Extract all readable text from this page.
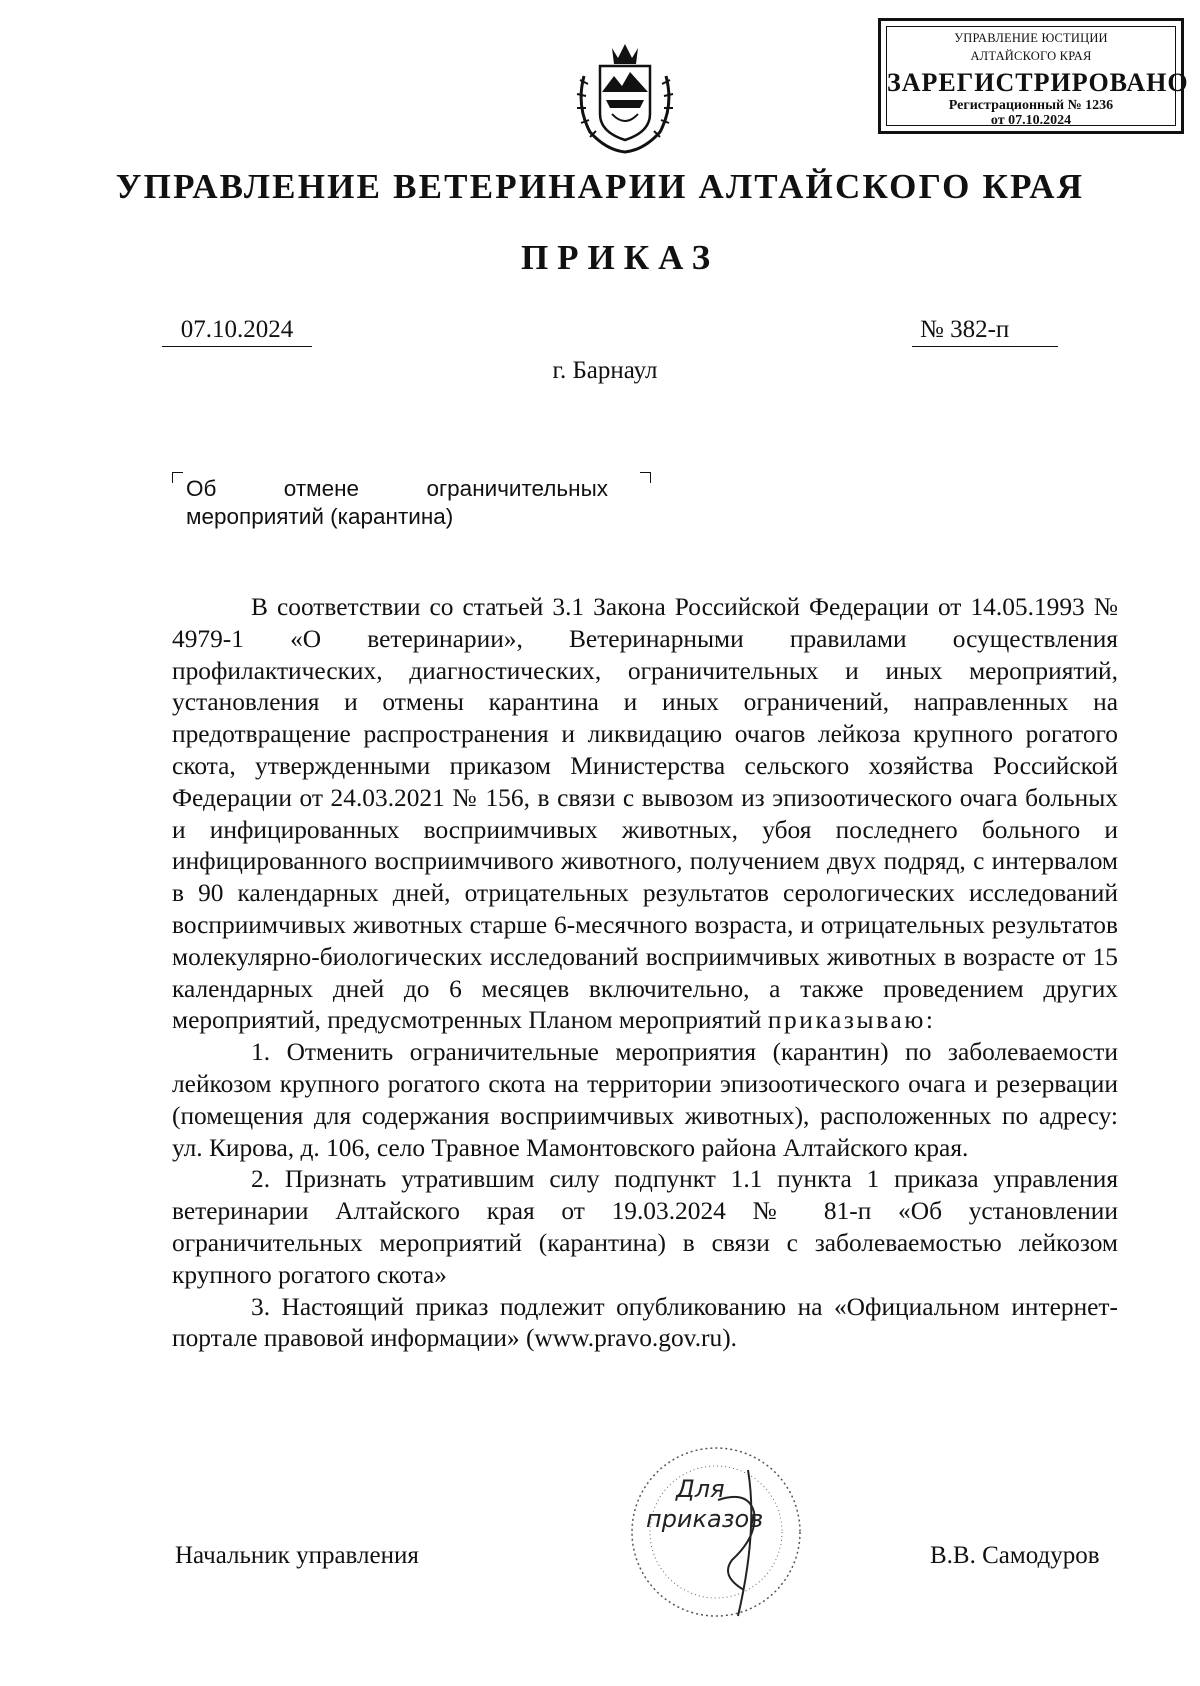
УПРАВЛЕНИЕ ЮСТИЦИИ
АЛТАЙСКОГО КРАЯ
ЗАРЕГИСТРИРОВАНО
Регистрационный № 1236
от 07.10.2024
УПРАВЛЕНИЕ ВЕТЕРИНАРИИ АЛТАЙСКОГО КРАЯ
ПРИКАЗ
07.10.2024	№ 382-п
г. Барнаул
Об отмене ограничительных
мероприятий (карантина)

В соответствии со статьей 3.1 Закона Российской Федерации от 14.05.1993 № 4979-1 «О ветеринарии», Ветеринарными правилами осуществления профилактических, диагностических, ограничительных и иных мероприятий, установления и отмены карантина и иных ограничений, направленных на предотвращение распространения и ликвидацию очагов лейкоза крупного рогатого скота, утвержденными приказом Министерства сельского хозяйства Российской Федерации от 24.03.2021 № 156, в связи с вывозом из эпизоотического очага больных и инфицированных восприимчивых животных, убоя последнего больного и инфицированного восприимчивого животного, получением двух подряд, с интервалом в 90 календарных дней, отрицательных результатов серологических исследований восприимчивых животных старше 6-месячного возраста, и отрицательных результатов молекулярно-биологических исследований восприимчивых животных в возрасте от 15 календарных дней до 6 месяцев включительно, а также проведением других мероприятий, предусмотренных Планом мероприятий приказываю:

1. Отменить ограничительные мероприятия (карантин) по заболеваемости лейкозом крупного рогатого скота на территории эпизоотического очага и резервации (помещения для содержания восприимчивых животных), расположенных по адресу: ул. Кирова, д. 106, село Травное Мамонтовского района Алтайского края.

2. Признать утратившим силу подпункт 1.1 пункта 1 приказа управления ветеринарии Алтайского края от 19.03.2024 № 81-п «Об установлении ограничительных мероприятий (карантина) в связи с заболеваемостью лейкозом крупного рогатого скота»

3. Настоящий приказ подлежит опубликованию на «Официальном интернет-портале правовой информации» (www.pravo.gov.ru).

Для
приказов
Начальник управления	В.В. Самодуров
